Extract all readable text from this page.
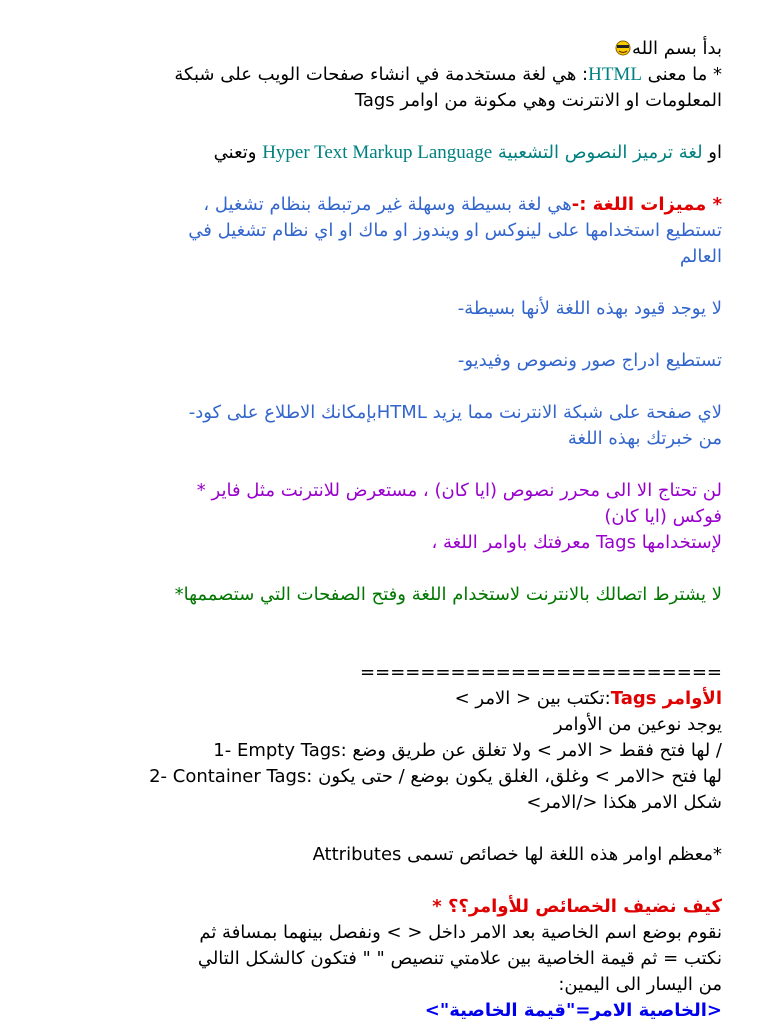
بدأ بسم الله
* ما معنى HTML: هي لغة مستخدمة في انشاء صفحات الويب على شبكة
Tags المعلومات او الانترنت وهي مكونة من اوامر
او لغة ترميز النصوص التشعبية Hyper Text Markup Language وتعني
* مميزات اللغة :-هي لغة بسيطة وسهلة غير مرتبطة بنظام تشغيل ،
تستطيع استخدامها على لينوكس او ويندوز او ماك او اي نظام تشغيل في
العالم
لا يوجد قيود بهذه اللغة لأنها بسيطة-
تستطيع ادراج صور ونصوص وفيديو-
لاي صفحة على شبكة الانترنت مما يزيد HTMLبإمكانك الاطلاع على كود-
من خبرتك بهذه اللغة
لن تحتاج الا الى محرر نصوص (ايا كان) ، مستعرض للانترنت مثل فاير *
فوكس (ايا كان)
لإستخدامها Tags معرفتك باوامر اللغة ،
لا يشترط اتصالك بالانترنت لاستخدام اللغة وفتح الصفحات التي ستصممها*
========================
الأوامر Tags:تكتب بين < الامر >
يوجد نوعين من الأوامر
1- Empty Tags: لها فتح فقط < الامر > ولا تغلق عن طريق وضع /
2- Container Tags: لها فتح <الامر > وغلق، الغلق يكون بوضع / حتى يكون
شكل الامر هكذا </الامر>
Attributes معظم اوامر هذه اللغة لها خصائص تسمى*
كيف نضيف الخصائص للأوامر؟؟ *
نقوم بوضع اسم الخاصية بعد الامر داخل < > ونفصل بينهما بمسافة ثم
نكتب = ثم قيمة الخاصية بين علامتي تنصيص " " فتكون كالشكل التالي
من اليسار الى اليمين:
<الخاصية الامر="قيمة الخاصية">
